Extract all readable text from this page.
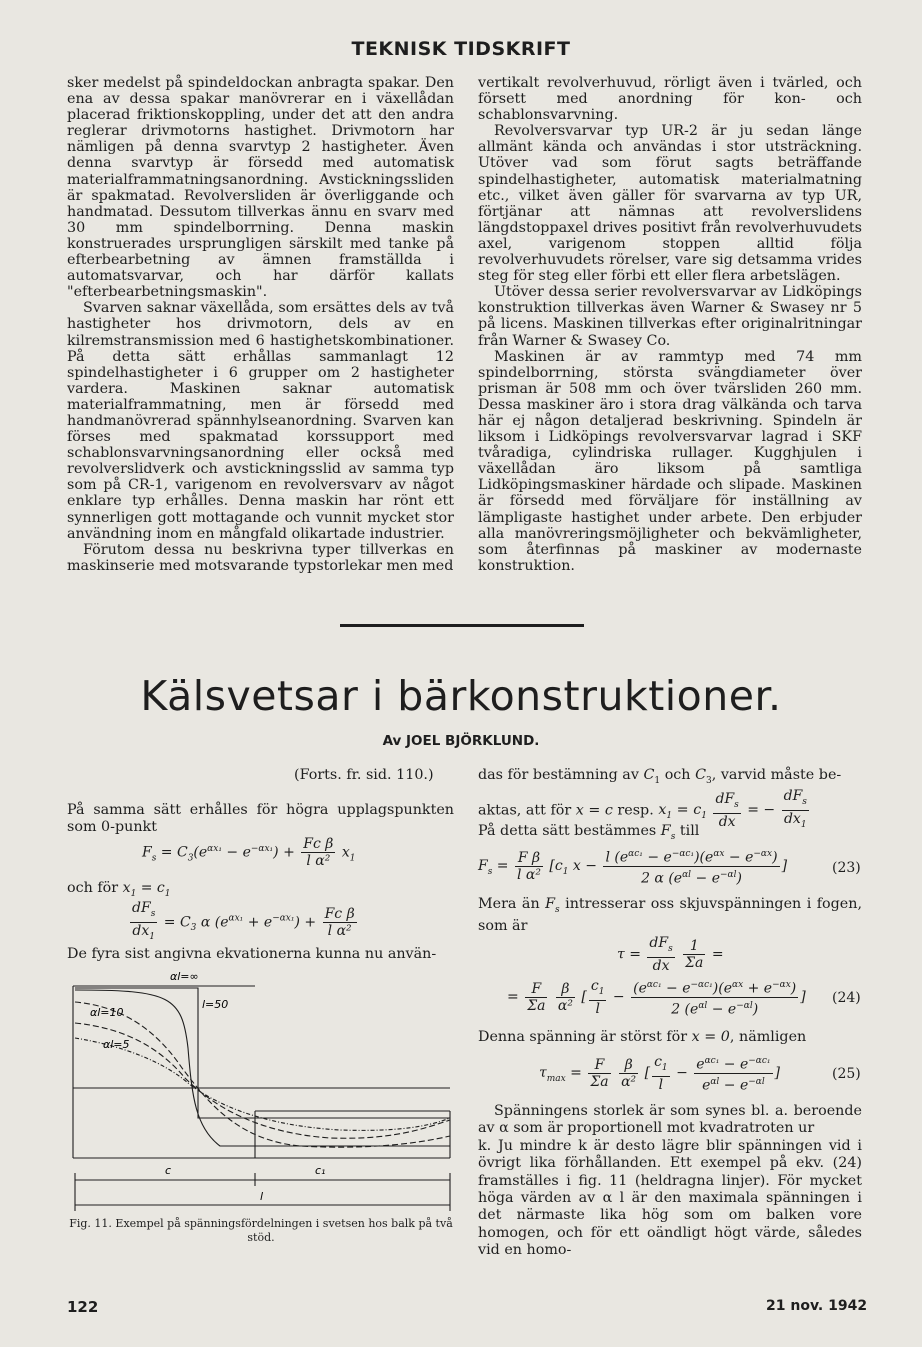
TEKNISK TIDSKRIFT

sker medelst på spindeldockan anbragta spakar. Den ena av dessa spakar manövrerar en i växellådan placerad friktionskoppling, under det att den andra reglerar drivmotorns hastighet. Drivmotorn har nämligen på denna svarvtyp 2 hastigheter. Även denna svarvtyp är försedd med automatisk materialframmatningsanordning. Avstickningssliden är spakmatad. Revolversliden är överliggande och handmatad. Dessutom tillverkas ännu en svarv med 30 mm spindelborrning. Denna maskin konstruerades ursprungligen särskilt med tanke på efterbearbetning av ämnen framställda i automatsvarvar, och har därför kallats "efterbearbetningsmaskin".

Svarven saknar växellåda, som ersättes dels av två hastigheter hos drivmotorn, dels av en kilremstransmission med 6 hastighetskombinationer. På detta sätt erhållas sammanlagt 12 spindelhastigheter i 6 grupper om 2 hastigheter vardera. Maskinen saknar automatisk materialframmatning, men är försedd med handmanövrerad spännhylseanordning. Svarven kan förses med spakmatad korssupport med schablonsvarvningsanordning eller också med revolverslidverk och avstickningsslid av samma typ som på CR-1, varigenom en revolversvarv av något enklare typ erhålles. Denna maskin har rönt ett synnerligen gott mottagande och vunnit mycket stor användning inom en mångfald olikartade industrier.

Förutom dessa nu beskrivna typer tillverkas en maskinserie med motsvarande typstorlekar men med

vertikalt revolverhuvud, rörligt även i tvärled, och försett med anordning för kon- och schablonsvarvning.

Revolversvarvar typ UR-2 är ju sedan länge allmänt kända och användas i stor utsträckning. Utöver vad som förut sagts beträffande spindelhastigheter, automatisk materialmatning etc., vilket även gäller för svarvarna av typ UR, förtjänar att nämnas att revolverslidens längdstoppaxel drives positivt från revolverhuvudets axel, varigenom stoppen alltid följa revolverhuvudets rörelser, vare sig detsamma vrides steg för steg eller förbi ett eller flera arbetslägen.

Utöver dessa serier revolversvarvar av Lidköpings konstruktion tillverkas även Warner & Swasey nr 5 på licens. Maskinen tillverkas efter originalritningar från Warner & Swasey Co.

Maskinen är av rammtyp med 74 mm spindelborrning, största svängdiameter över prisman är 508 mm och över tvärsliden 260 mm. Dessa maskiner äro i stora drag välkända och tarva här ej någon detaljerad beskrivning. Spindeln är liksom i Lidköpings revolversvarvar lagrad i SKF tvåradiga, cylindriska rullager. Kugghjulen i växellådan äro liksom på samtliga Lidköpingsmaskiner härdade och slipade. Maskinen är försedd med förväljare för inställning av lämpligaste hastighet under arbete. Den erbjuder alla manövreringsmöjligheter och bekvämligheter, som återfinnas på maskiner av modernaste konstruktion.

Kälsvetsar i bärkonstruktioner.
Av JOEL BJÖRKLUND.
(Forts. fr. sid. 110.)
På samma sätt erhålles för högra upplagspunkten som 0-punkt
$F_s = C_3(e^{\alpha x_1} - e^{-\alpha x_1}) + \frac{\text{Fc β}}{\text{l α²}} x_1$
och för $x_1 = c_1$
$\frac{dF_s}{dx_1} = C_3$ α $(e^{\alpha x_1} + e^{-\alpha x_1}) + \frac{\text{Fc β}}{\text{l α²}}$
De fyra sist angivna ekvationerna kunna nu använ-
αl=∞
l=50
αl=10
αl=5
c	c₁
l
Fig. 11. Exempel på spänningsfördelningen i svetsen hos balk på två stöd.
das för bestämning av $C_1$ och $C_3$, varvid måste be-
aktas, att för x = c resp. $x_1 = c_1 \frac{dF_s}{dx}$ = − $\frac{dF_s}{dx_1}$
På detta sätt bestämmes $F_s$ till
$F_s = \frac{\text{F β}}{\text{l α²}} [c_1$ $x - \frac{l (e^{\alpha c_1} - e^{-\alpha c_1})(e^{\alpha x} - e^{-\alpha x})}{2 \alpha (e^{\alpha l} - e^{-\alpha l})}$ ]	(23)
Mera än $F_s$ intresserar oss skjuvspänningen i fogen, som är
$\tau = \frac{dF_s}{dx}$
$\frac{1}{\Sigma a}$ =
= $\frac{F}{\Sigma a}$
$\frac{\beta}{\text{α²}}$ [ $\frac{c_1}{l} - \frac{(e^{\alpha c_1} - e^{-\alpha c_1})(e^{\alpha x} + e^{-\alpha x})}{2 (e^{\alpha l} - e^{-\alpha l})}$ ] (24)
Denna spänning är störst för x = 0, nämligen
$\tau_{max} = \frac{F}{\Sigma a}$
$\frac{\beta}{\text{α²}}$ [ $\frac{c_1}{l} - \frac{e^{\alpha c_1} - e^{-\alpha c_1}}{e^{\alpha l} - e^{-\alpha l}}$ ]	(25)

Spänningens storlek är som synes bl. a. beroende av α som är proportionell mot kvadratroten ur

k. Ju mindre k är desto lägre blir spänningen vid i övrigt lika förhållanden. Ett exempel på ekv. (24) framställes i fig. 11 (heldragna linjer). För mycket höga värden av α l är den maximala spänningen i det närmaste lika hög som om balken vore homogen, och för ett oändligt högt värde, således vid en homo-

122	21 nov. 1942
